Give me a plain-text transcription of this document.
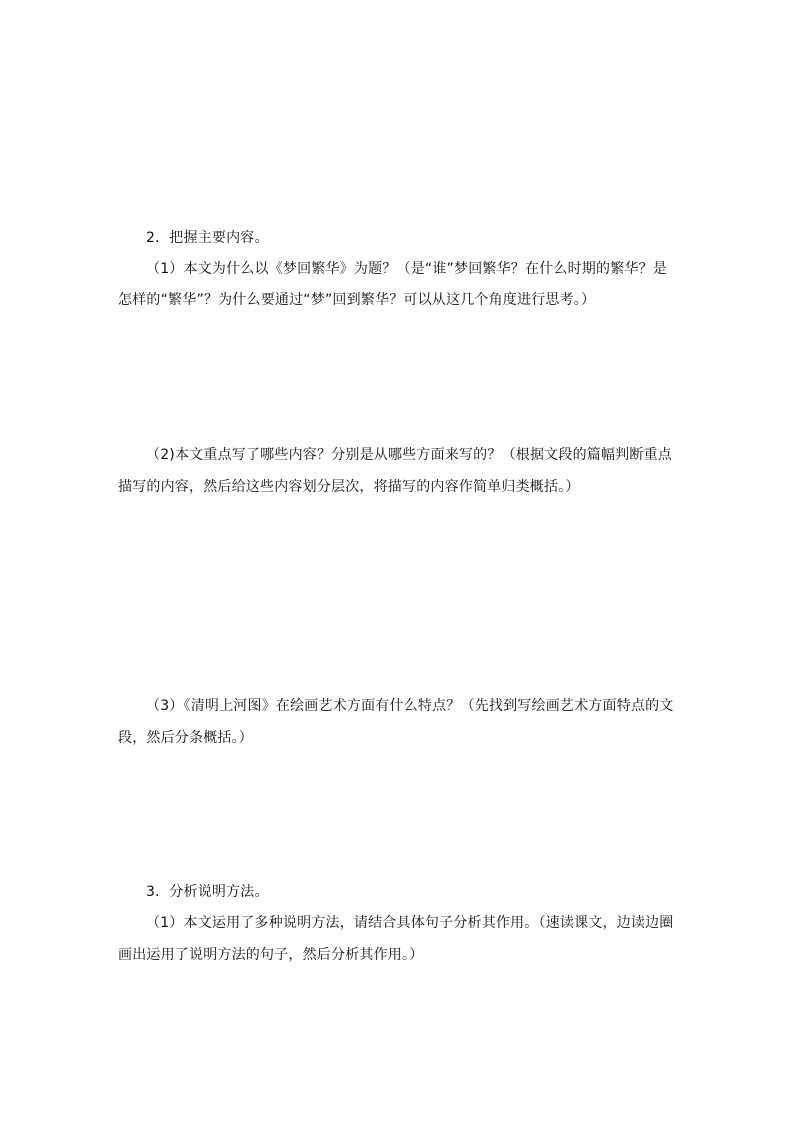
2．把握主要内容。
（1）本文为什么以《梦回繁华》为题？（是“谁”梦回繁华？在什么时期的繁华？是
怎样的“繁华”？为什么要通过“梦”回到繁华？可以从这几个角度进行思考。）
（2)本文重点写了哪些内容？分别是从哪些方面来写的？（根据文段的篇幅判断重点
描写的内容，然后给这些内容划分层次，将描写的内容作简单归类概括。）
（3）《清明上河图》在绘画艺术方面有什么特点？（先找到写绘画艺术方面特点的文
段，然后分条概括。）
3．分析说明方法。
（1）本文运用了多种说明方法，请结合具体句子分析其作用。（速读课文，边读边圈
画出运用了说明方法的句子，然后分析其作用。）
